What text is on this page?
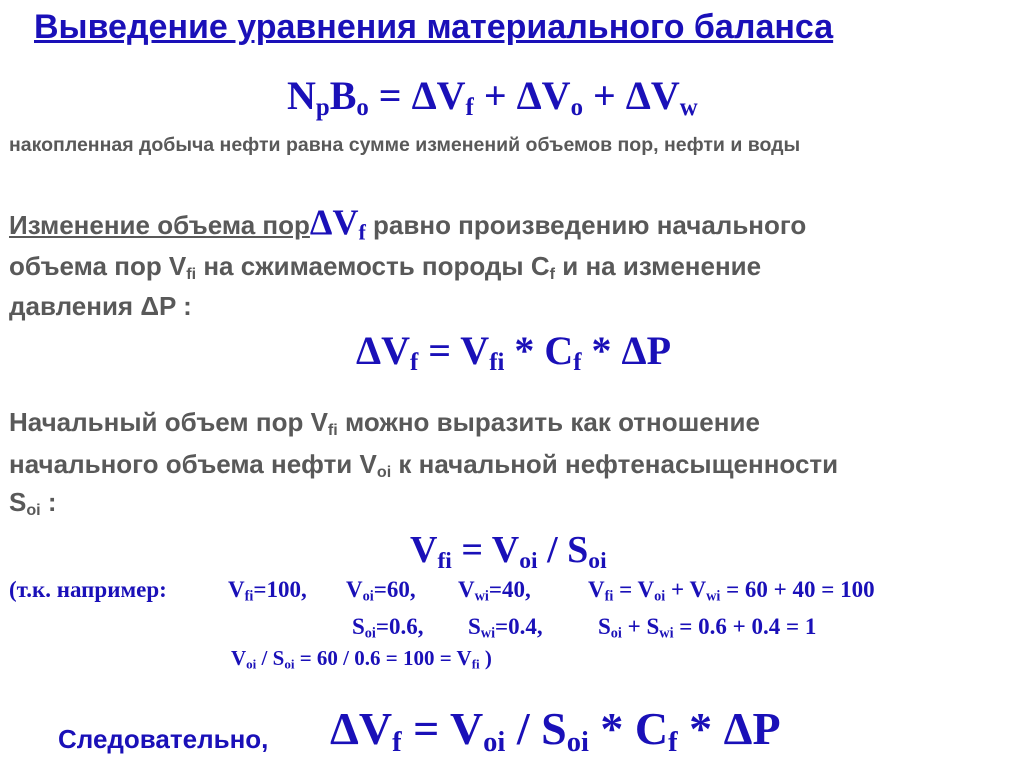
Выведение уравнения материального баланса
$N_pB_o = \Delta V_f + \Delta V_o + \Delta V_w$
накопленная добыча нефти равна сумме изменений объемов пор, нефти и воды
Изменение объема порΔV$_f$ равно произведению начального
объема пор $V_{fi}$ на сжимаемость породы $C_f$ и на изменение
давления ΔP :
$\Delta V_f = V_{fi} * C_f * \Delta P$
Начальный объем пор $V_{fi}$ можно выразить как отношение
начального объема нефти $V_{oi}$ к начальной нефтенасыщенности
$S_{oi}$ :
$V_{fi} = V_{oi} / S_{oi}$
(т.к. например:	$V_{fi}=100$, $V_{oi}=60$, $V_{wi}=40$, $V_{fi} = V_{oi} + V_{wi} = 60 + 40 = 100$
$S_{oi}=0.6$, $S_{wi}=0.4$, $S_{oi} + S_{wi} = 0.6 + 0.4 = 1$
$V_{oi} / S_{oi} = 60 / 0.6 = 100 = V_{fi}$ )
Следовательно, $\Delta V_f = V_{oi} / S_{oi} * C_f * \Delta P$
